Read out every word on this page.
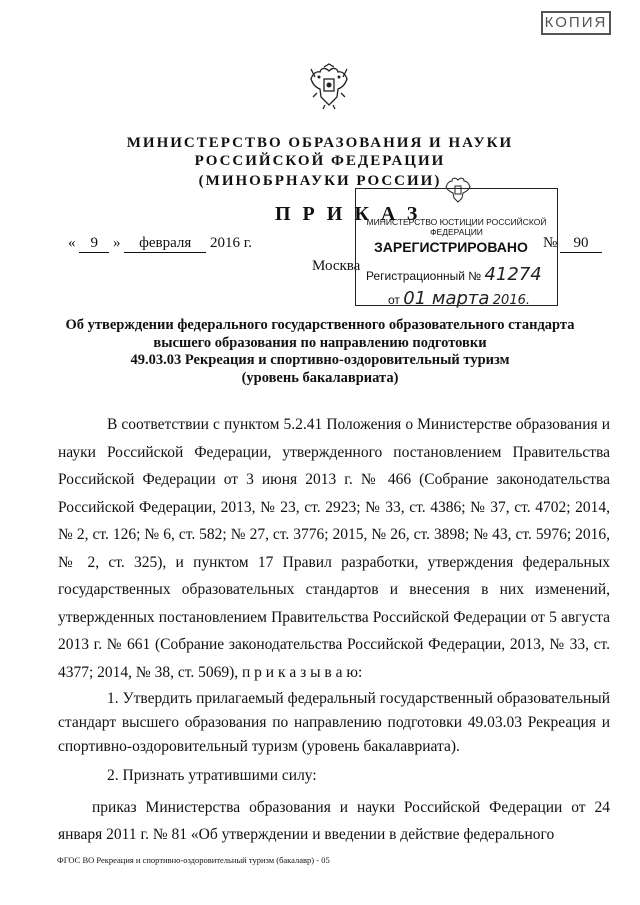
КОПИЯ
МИНИСТЕРСТВО ОБРАЗОВАНИЯ И НАУКИ
РОССИЙСКОЙ ФЕДЕРАЦИИ
(МИНОБРНАУКИ РОССИИ)
ПРИКАЗ
« 9 » февраля 2016 г.
Москва
МИНИСТЕРСТВО ЮСТИЦИИ РОССИЙСКОЙ ФЕДЕРАЦИИ
ЗАРЕГИСТРИРОВАНО
Регистрационный № 41274
от 01 марта 2016.
№	90
Об утверждении федерального государственного образовательного стандарта
высшего образования по направлению подготовки
49.03.03 Рекреация и спортивно-оздоровительный туризм
(уровень бакалавриата)
В соответствии с пунктом 5.2.41 Положения о Министерстве образования и науки Российской Федерации, утвержденного постановлением Правительства Российской Федерации от 3 июня 2013 г. № 466 (Собрание законодательства Российской Федерации, 2013, № 23, ст. 2923; № 33, ст. 4386; № 37, ст. 4702; 2014, № 2, ст. 126; № 6, ст. 582; № 27, ст. 3776; 2015, № 26, ст. 3898; № 43, ст. 5976; 2016, № 2, ст. 325), и пунктом 17 Правил разработки, утверждения федеральных государственных образовательных стандартов и внесения в них изменений, утвержденных постановлением Правительства Российской Федерации от 5 августа 2013 г. № 661 (Собрание законодательства Российской Федерации, 2013, № 33, ст. 4377; 2014, № 38, ст. 5069), п р и к а з ы в а ю:
1. Утвердить прилагаемый федеральный государственный образовательный стандарт высшего образования по направлению подготовки 49.03.03 Рекреация и спортивно-оздоровительный туризм (уровень бакалавриата).
2. Признать утратившими силу:
приказ Министерства образования и науки Российской Федерации от 24 января 2011 г. № 81 «Об утверждении и введении в действие федерального
ФГОС ВО Рекреация и спортивно-оздоровительный туризм (бакалавр) - 05
